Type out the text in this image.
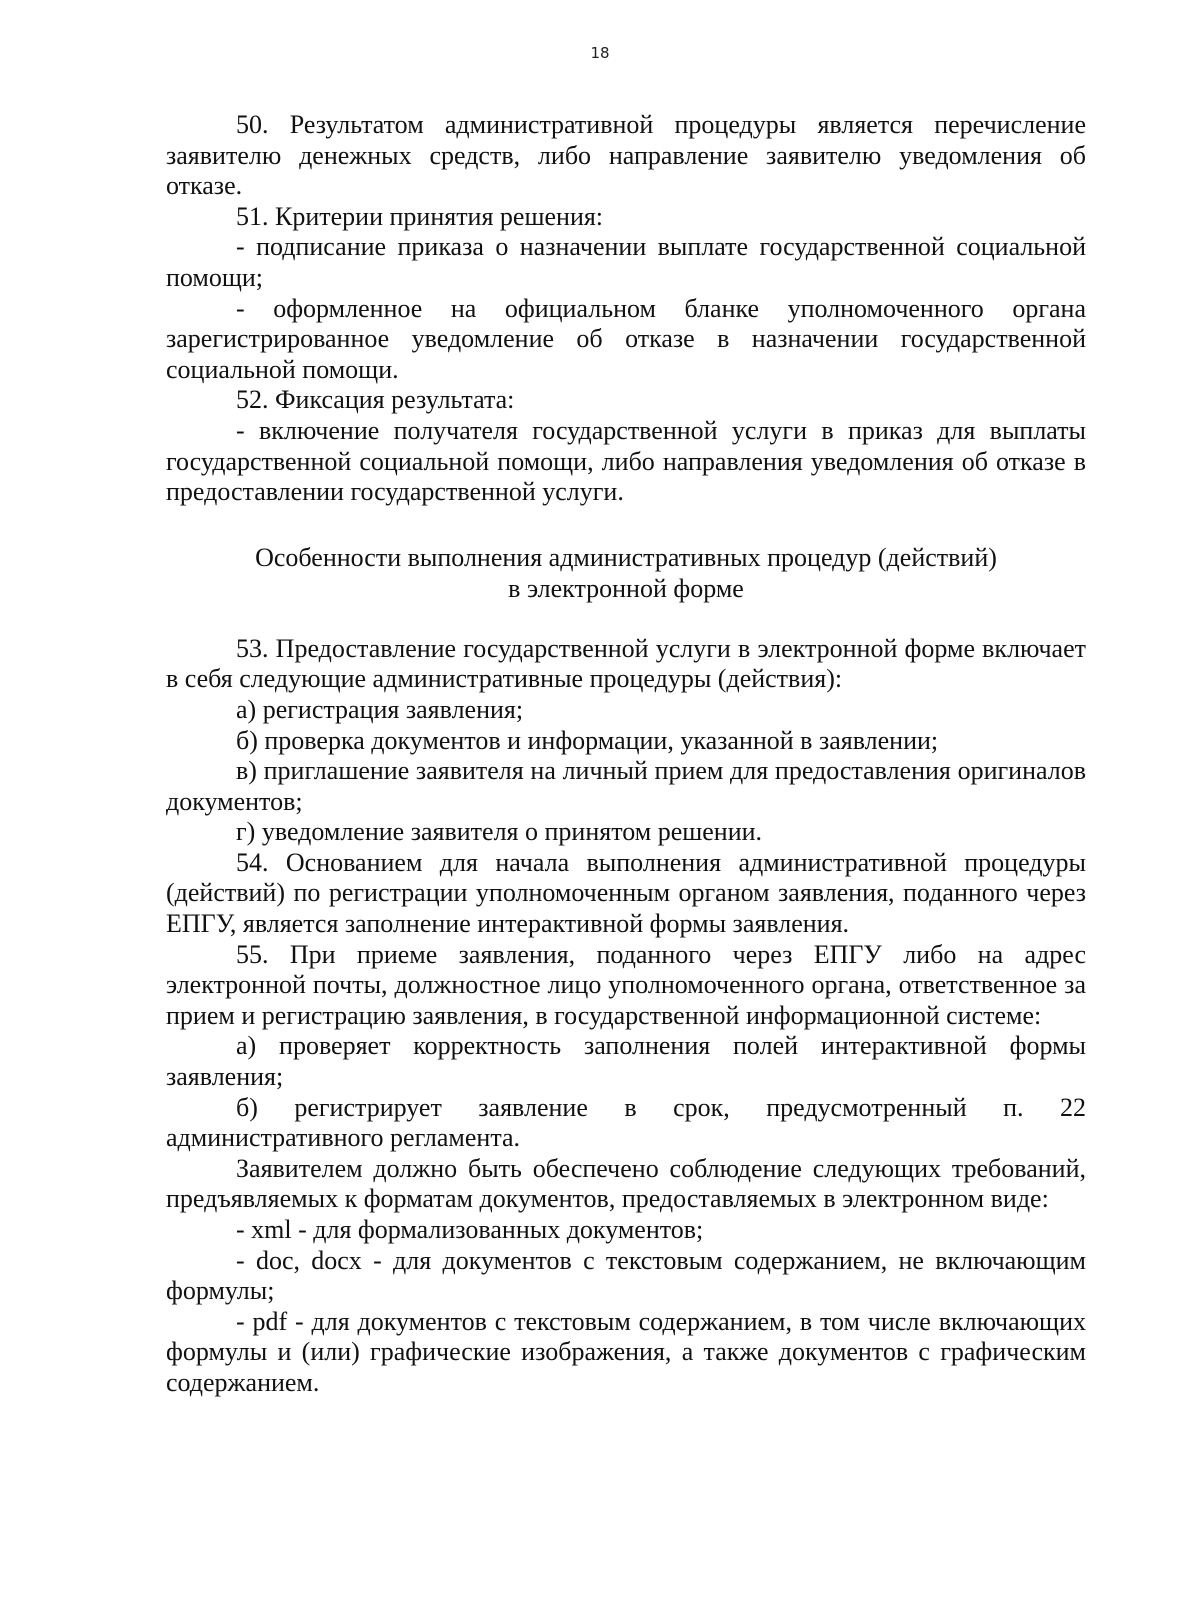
18

50. Результатом административной процедуры является перечисление заявителю денежных средств, либо направление заявителю уведомления об отказе.

51. Критерии принятия решения:

- подписание приказа о назначении выплате государственной социальной помощи;

- оформленное на официальном бланке уполномоченного органа зарегистрированное уведомление об отказе в назначении государственной социальной помощи.

52. Фиксация результата:

- включение получателя государственной услуги в приказ для выплаты государственной социальной помощи, либо направления уведомления об отказе в предоставлении государственной услуги.

Особенности выполнения административных процедур (действий)
в электронной форме

53. Предоставление государственной услуги в электронной форме включает в себя следующие административные процедуры (действия):

а) регистрация заявления;

б) проверка документов и информации, указанной в заявлении;

в) приглашение заявителя на личный прием для предоставления оригиналов документов;

г) уведомление заявителя о принятом решении.

54. Основанием для начала выполнения административной процедуры (действий) по регистрации уполномоченным органом заявления, поданного через ЕПГУ, является заполнение интерактивной формы заявления.

55. При приеме заявления, поданного через ЕПГУ либо на адрес электронной почты, должностное лицо уполномоченного органа, ответственное за прием и регистрацию заявления, в государственной информационной системе:

а) проверяет корректность заполнения полей интерактивной формы заявления;

б) регистрирует заявление в срок, предусмотренный п. 22 административного регламента.

Заявителем должно быть обеспечено соблюдение следующих требований, предъявляемых к форматам документов, предоставляемых в электронном виде:

- xml - для формализованных документов;

- doc, docx - для документов с текстовым содержанием, не включающим формулы;

- pdf - для документов с текстовым содержанием, в том числе включающих формулы и (или) графические изображения, а также документов с графическим содержанием.
